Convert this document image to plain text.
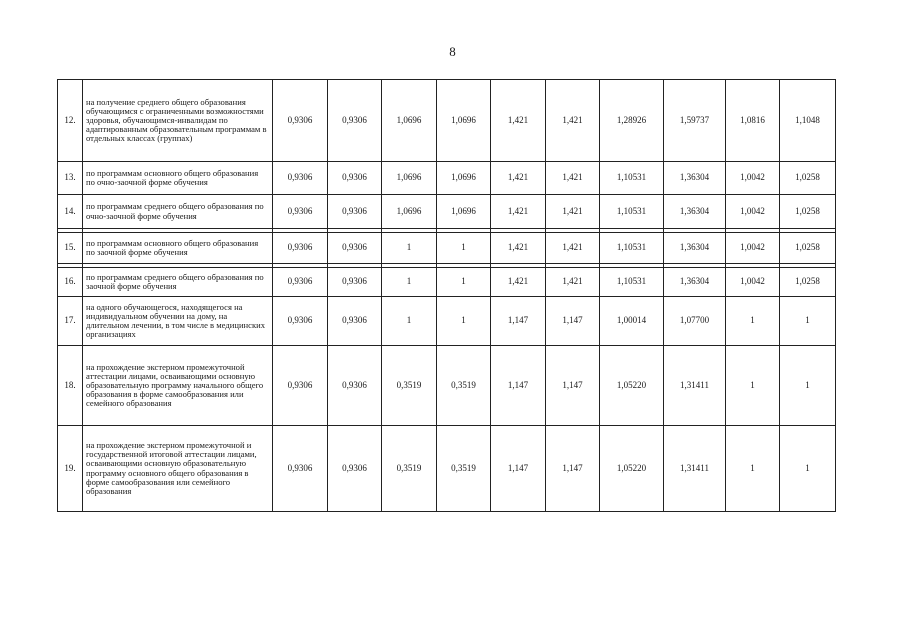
8
12.	на получение среднего общего образования обучающимся с ограниченными возможностями здоровья, обучающимся-инвалидам по адаптированным образовательным программам в отдельных классах (группах)	0,9306	0,9306	1,0696	1,0696	1,421	1,421	1,28926	1,59737	1,0816	1,1048
13.	по программам основного общего образования по очно-заочной форме обучения	0,9306	0,9306	1,0696	1,0696	1,421	1,421	1,10531	1,36304	1,0042	1,0258
14.	по программам среднего общего образования по очно-заочной форме обучения	0,9306	0,9306	1,0696	1,0696	1,421	1,421	1,10531	1,36304	1,0042	1,0258

15.	по программам основного общего образования по заочной форме обучения	0,9306	0,9306	1	1	1,421	1,421	1,10531	1,36304	1,0042	1,0258

16.	по программам среднего общего образования по заочной форме обучения	0,9306	0,9306	1	1	1,421	1,421	1,10531	1,36304	1,0042	1,0258
17.	на одного обучающегося, находящегося на индивидуальном обучении на дому, на длительном лечении, в том числе в медицинских организациях	0,9306	0,9306	1	1	1,147	1,147	1,00014	1,07700	1	1
18.	на прохождение экстерном промежуточной аттестации лицами, осваивающими основную образовательную программу начального общего образования в форме самообразования или семейного образования	0,9306	0,9306	0,3519	0,3519	1,147	1,147	1,05220	1,31411	1	1
19.	на прохождение экстерном промежуточной и государственной итоговой аттестации лицами, осваивающими основную образовательную программу основного общего образования в форме самообразования или семейного образования	0,9306	0,9306	0,3519	0,3519	1,147	1,147	1,05220	1,31411	1	1
